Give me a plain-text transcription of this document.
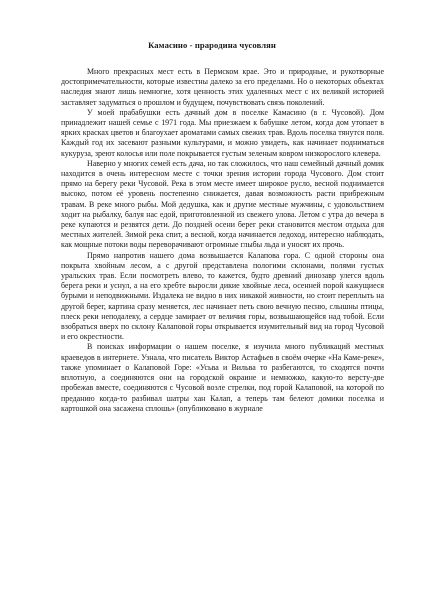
Камасино - прародина чусовлян

Много прекрасных мест есть в Пермском крае. Это и природные, и рукотворные достопримечательности, которые известны далеко за его пределами. Но о некоторых объектах наследия знают лишь немногие, хотя ценность этих удаленных мест с их великой историей заставляет задуматься о прошлом и будущем, почувствовать связь поколений.

У моей прабабушки есть дачный дом в поселке Камасино (в г. Чусовой). Дом принадлежит нашей семье с 1971 года. Мы приезжаем к бабушке летом, когда дом утопает в ярких красках цветов и благоухает ароматами самых свежих трав. Вдоль поселка тянутся поля. Каждый год их засевают разными культурами, и можно увидеть, как начинает подниматься кукуруза, зреют колосья или поле покрывается густым зеленым ковром низкорослого клевера.

Наверно у многих семей есть дача, но так сложилось, что наш семейный дачный домик находится в очень интересном месте с точки зрения истории города Чусового. Дом стоит прямо на берегу реки Чусовой. Река в этом месте имеет широкое русло, весной поднимается высоко, потом её уровень постепенно снижается, давая возможность расти прибрежным травам. В реке много рыбы. Мой дедушка, как и другие местные мужчины, с удовольствием ходит на рыбалку, балуя нас едой, приготовленной из свежего улова. Летом с утра до вечера в реке купаются и резвятся дети. До поздней осени берег реки становится местом отдыха для местных жителей. Зимой река спит, а весной, когда начинается ледоход, интересно наблюдать, как мощные потоки воды переворачивают огромные глыбы льда и уносят их прочь.

Прямо напротив нашего дома возвышается Калапова гора. С одной стороны она покрыта хвойным лесом, а с другой представлена пологими склонами, полями густых уральских трав. Если посмотреть влево, то кажется, будто древний динозавр улегся вдоль берега реки и уснул, а на его хребте выросли дикие хвойные леса, осенней порой кажущиеся бурыми и неподвижными. Издалека не видно в них никакой живности, но стоит переплыть на другой берег, картина сразу меняется, лес начинает петь свою вечную песню, слышны птицы, плеск реки неподалеку, а сердце замирает от величия горы, возвышающейся над тобой. Если взобраться вверх по склону Калаповой горы открывается изумительный вид на город Чусовой и его окрестности.

В поисках информации о нашем поселке, я изучила много публикаций местных краеведов в интернете. Узнала, что писатель Виктор Астафьев в своём очерке «На Каме-реке», также упоминает о Калаповой Горе: «Усьва и Вильва то разбегаются, то сходятся почти вплотную, а соединяются они на городской окраине и немножко, какую-то версту-две пробежав вместе, соединяются с Чусовой возле стрелки, под горой Калаповой, на которой по преданию когда-то разбивал шатры хан Калап, а теперь там белеют домики поселка и картошкой она засажена сплошь» (опубликовано в журнале
